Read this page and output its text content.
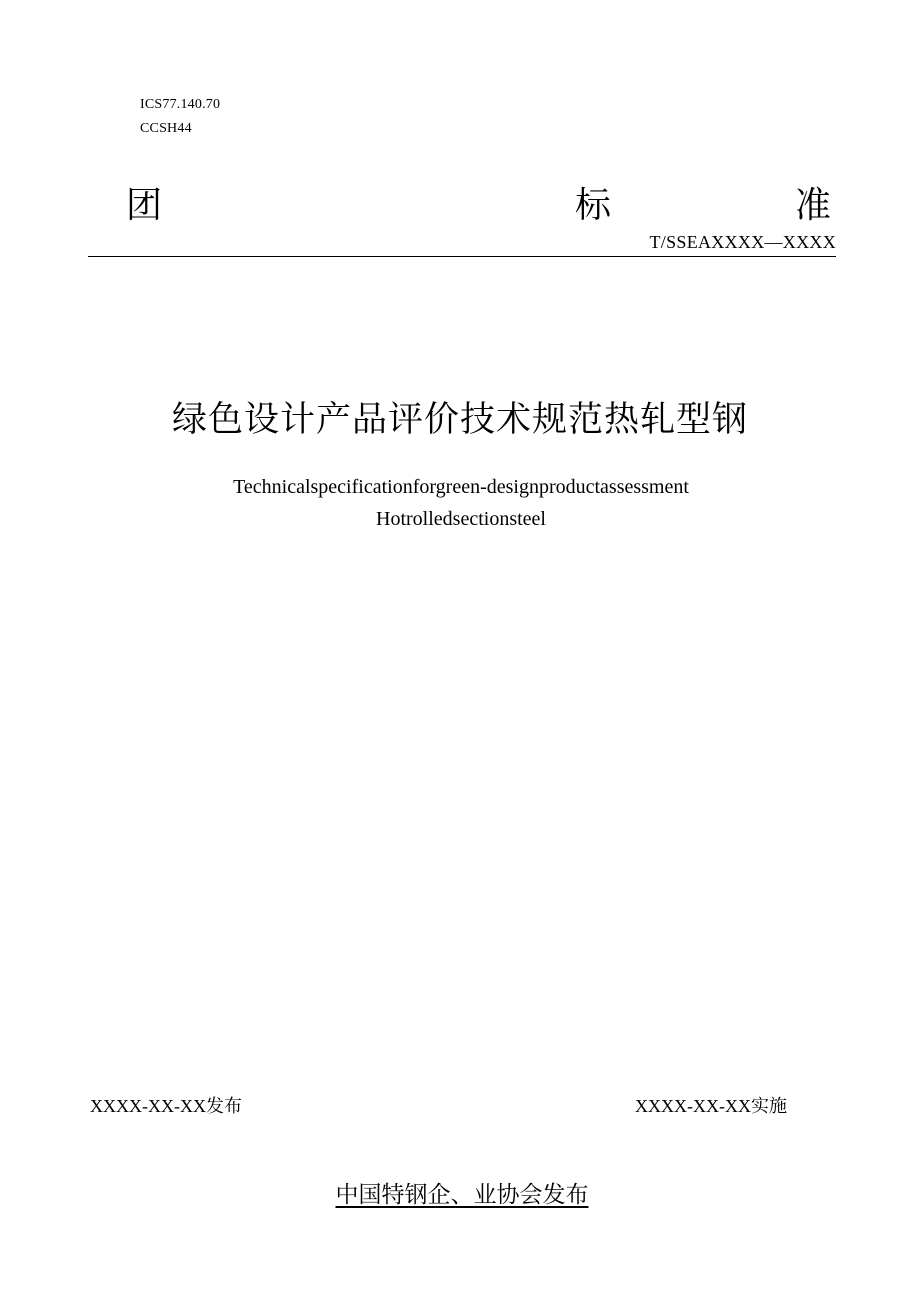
ICS77.140.70
CCSH44
团	标	准
T/SSEAXXXX—XXXX
绿色设计产品评价技术规范热轧型钢
Technicalspecificationforgreen-designproductassessment
Hotrolledsectionsteel
XXXX-XX-XX发布	XXXX-XX-XX实施
中国特钢企、业协会发布
